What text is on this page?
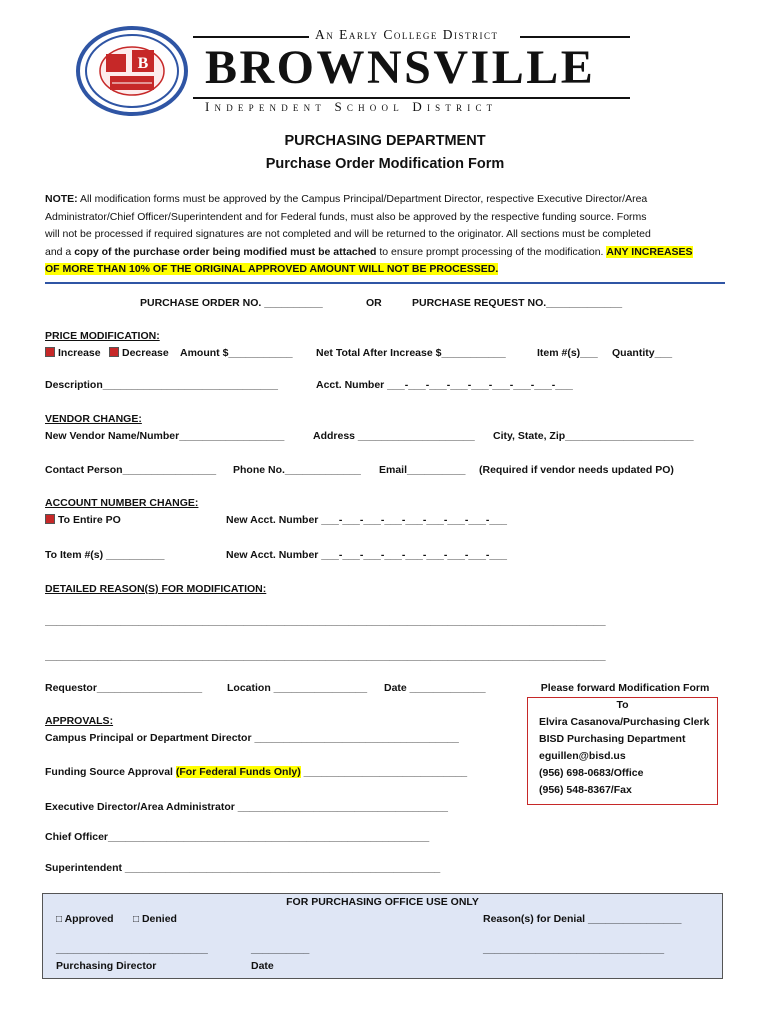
B
An Early College District
BROWNSVILLE
Independent School District
PURCHASING DEPARTMENT
Purchase Order Modification Form
NOTE: All modification forms must be approved by the Campus Principal/Department Director, respective Executive Director/Area
Administrator/Chief Officer/Superintendent and for Federal funds, must also be approved by the respective funding source. Forms
will not be processed if required signatures are not completed and will be returned to the originator. All sections must be completed
and a copy of the purchase order being modified must be attached to ensure prompt processing of the modification. ANY INCREASES
OF MORE THAN 10% OF THE ORIGINAL APPROVED AMOUNT WILL NOT BE PROCESSED.
PURCHASE ORDER NO. __________	OR	PURCHASE REQUEST NO._____________
PRICE MODIFICATION:
Increase	Decrease Amount $___________ Net Total After Increase $___________	Item #(s)___ Quantity___
Description______________________________	Acct. Number ___-___-___-___-___-___-___-___-___
VENDOR CHANGE:
New Vendor Name/Number__________________	Address ____________________ City, State, Zip______________________
Contact Person________________ Phone No._____________ Email__________ (Required if vendor needs updated PO)
ACCOUNT NUMBER CHANGE:
To Entire PO	New Acct. Number ___-___-___-___-___-___-___-___-___
To Item #(s) __________	New Acct. Number ___-___-___-___-___-___-___-___-___
DETAILED REASON(S) FOR MODIFICATION:
________________________________________________________________________________________________
________________________________________________________________________________________________
Requestor__________________ Location ________________ Date _____________
APPROVALS:
Campus Principal or Department Director ___________________________________
Funding Source Approval (For Federal Funds Only) ____________________________
Executive Director/Area Administrator ____________________________________
Chief Officer_______________________________________________________
Superintendent ______________________________________________________
Please forward Modification Form
To
Elvira Casanova/Purchasing Clerk
BISD Purchasing Department
eguillen@bisd.us
(956) 698-0683/Office
(956) 548-8367/Fax
FOR PURCHASING OFFICE USE ONLY
□ Approved □ Denied	Reason(s) for Denial ________________
__________________________	__________	_______________________________
Purchasing Director	Date
